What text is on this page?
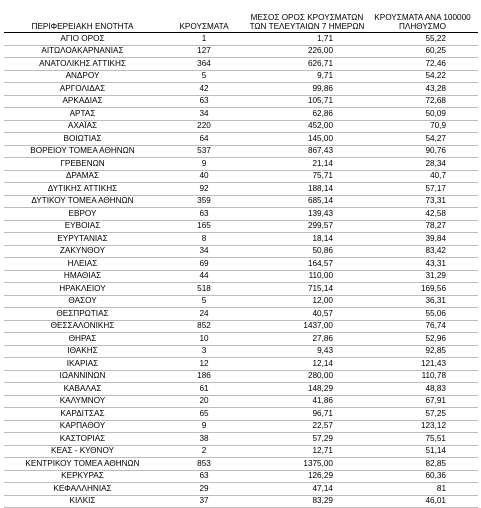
ΠΕΡΙΦΕΡΕΙΑΚΗ ΕΝΟΤΗΤΑ	ΚΡΟΥΣΜΑΤΑ	ΜΕΣΟΣ ΟΡΟΣ ΚΡΟΥΣΜΑΤΩΝ
ΤΩΝ ΤΕΛΕΥΤΑΙΩΝ 7 ΗΜΕΡΩΝ	ΚΡΟΥΣΜΑΤΑ ΑΝΑ 100000
ΠΛΗΘΥΣΜΟ
ΑΓΙΟ ΟΡΟΣ	1	1,71	55,22
ΑΙΤΩΛΟΑΚΑΡΝΑΝΙΑΣ	127	226,00	60,25
ΑΝΑΤΟΛΙΚΗΣ ΑΤΤΙΚΗΣ	364	626,71	72,46
ΑΝΔΡΟΥ	5	9,71	54,22
ΑΡΓΟΛΙΔΑΣ	42	99,86	43,28
ΑΡΚΑΔΙΑΣ	63	105,71	72,68
ΑΡΤΑΣ	34	62,86	50,09
ΑΧΑΪΑΣ	220	452,00	70,9
ΒΟΙΩΤΙΑΣ	64	145,00	54,27
ΒΟΡΕΙΟΥ ΤΟΜΕΑ ΑΘΗΝΩΝ	537	867,43	90,76
ΓΡΕΒΕΝΩΝ	9	21,14	28,34
ΔΡΑΜΑΣ	40	75,71	40,7
ΔΥΤΙΚΗΣ ΑΤΤΙΚΗΣ	92	188,14	57,17
ΔΥΤΙΚΟΥ ΤΟΜΕΑ ΑΘΗΝΩΝ	359	685,14	73,31
ΕΒΡΟΥ	63	139,43	42,58
ΕΥΒΟΙΑΣ	165	299,57	78,27
ΕΥΡΥΤΑΝΙΑΣ	8	18,14	39,84
ΖΑΚΥΝΘΟΥ	34	50,86	83,42
ΗΛΕΙΑΣ	69	164,57	43,31
ΗΜΑΘΙΑΣ	44	110,00	31,29
ΗΡΑΚΛΕΙΟΥ	518	715,14	169,56
ΘΑΣΟΥ	5	12,00	36,31
ΘΕΣΠΡΩΤΙΑΣ	24	40,57	55,06
ΘΕΣΣΑΛΟΝΙΚΗΣ	852	1437,00	76,74
ΘΗΡΑΣ	10	27,86	52,96
ΙΘΑΚΗΣ	3	9,43	92,85
ΙΚΑΡΙΑΣ	12	12,14	121,43
ΙΩΑΝΝΙΝΩΝ	186	280,00	110,78
ΚΑΒΑΛΑΣ	61	148,29	48,83
ΚΑΛΥΜΝΟΥ	20	41,86	67,91
ΚΑΡΔΙΤΣΑΣ	65	96,71	57,25
ΚΑΡΠΑΘΟΥ	9	22,57	123,12
ΚΑΣΤΟΡΙΑΣ	38	57,29	75,51
ΚΕΑΣ - ΚΥΘΝΟΥ	2	12,71	51,14
ΚΕΝΤΡΙΚΟΥ ΤΟΜΕΑ ΑΘΗΝΩΝ	853	1375,00	82,85
ΚΕΡΚΥΡΑΣ	63	126,29	60,36
ΚΕΦΑΛΛΗΝΙΑΣ	29	47,14	81
ΚΙΛΚΙΣ	37	83,29	46,01
